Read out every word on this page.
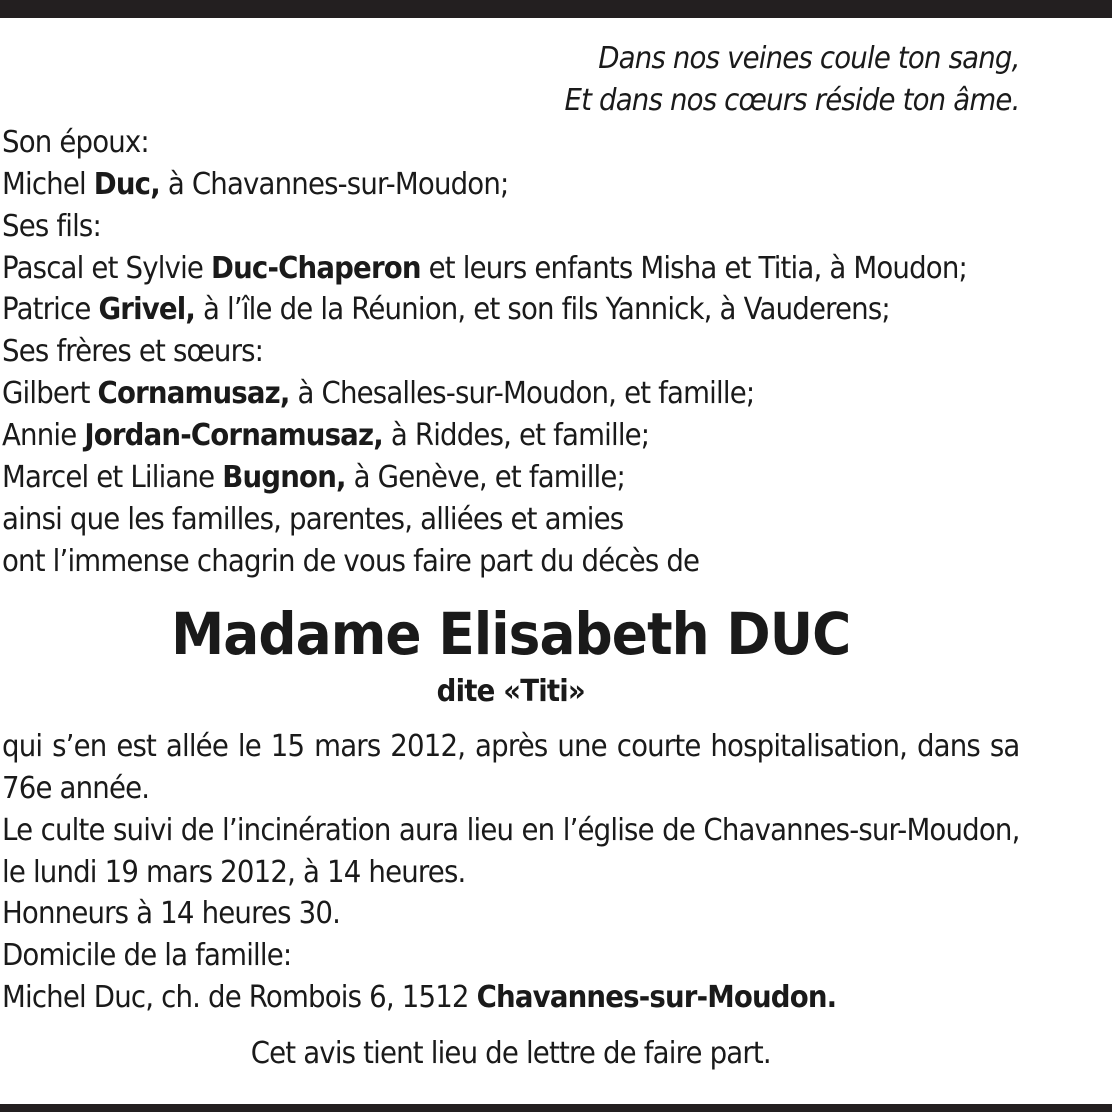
Dans nos veines coule ton sang,
Et dans nos cœurs réside ton âme.
Son époux:
Michel Duc, à Chavannes-sur-Moudon;
Ses fils:
Pascal et Sylvie Duc-Chaperon et leurs enfants Misha et Titia, à Moudon;
Patrice Grivel, à l’île de la Réunion, et son fils Yannick, à Vauderens;
Ses frères et sœurs:
Gilbert Cornamusaz, à Chesalles-sur-Moudon, et famille;
Annie Jordan-Cornamusaz, à Riddes, et famille;
Marcel et Liliane Bugnon, à Genève, et famille;
ainsi que les familles, parentes, alliées et amies
ont l’immense chagrin de vous faire part du décès de
Madame Elisabeth DUC
dite «Titi»
qui s’en est allée le 15 mars 2012, après une courte hospitalisation, dans sa 76e année.
Le culte suivi de l’incinération aura lieu en l’église de Chavannes-sur-Moudon, le lundi 19 mars 2012, à 14 heures.
Honneurs à 14 heures 30.
Domicile de la famille:
Michel Duc, ch. de Rombois 6, 1512 Chavannes-sur-Moudon.
Cet avis tient lieu de lettre de faire part.
